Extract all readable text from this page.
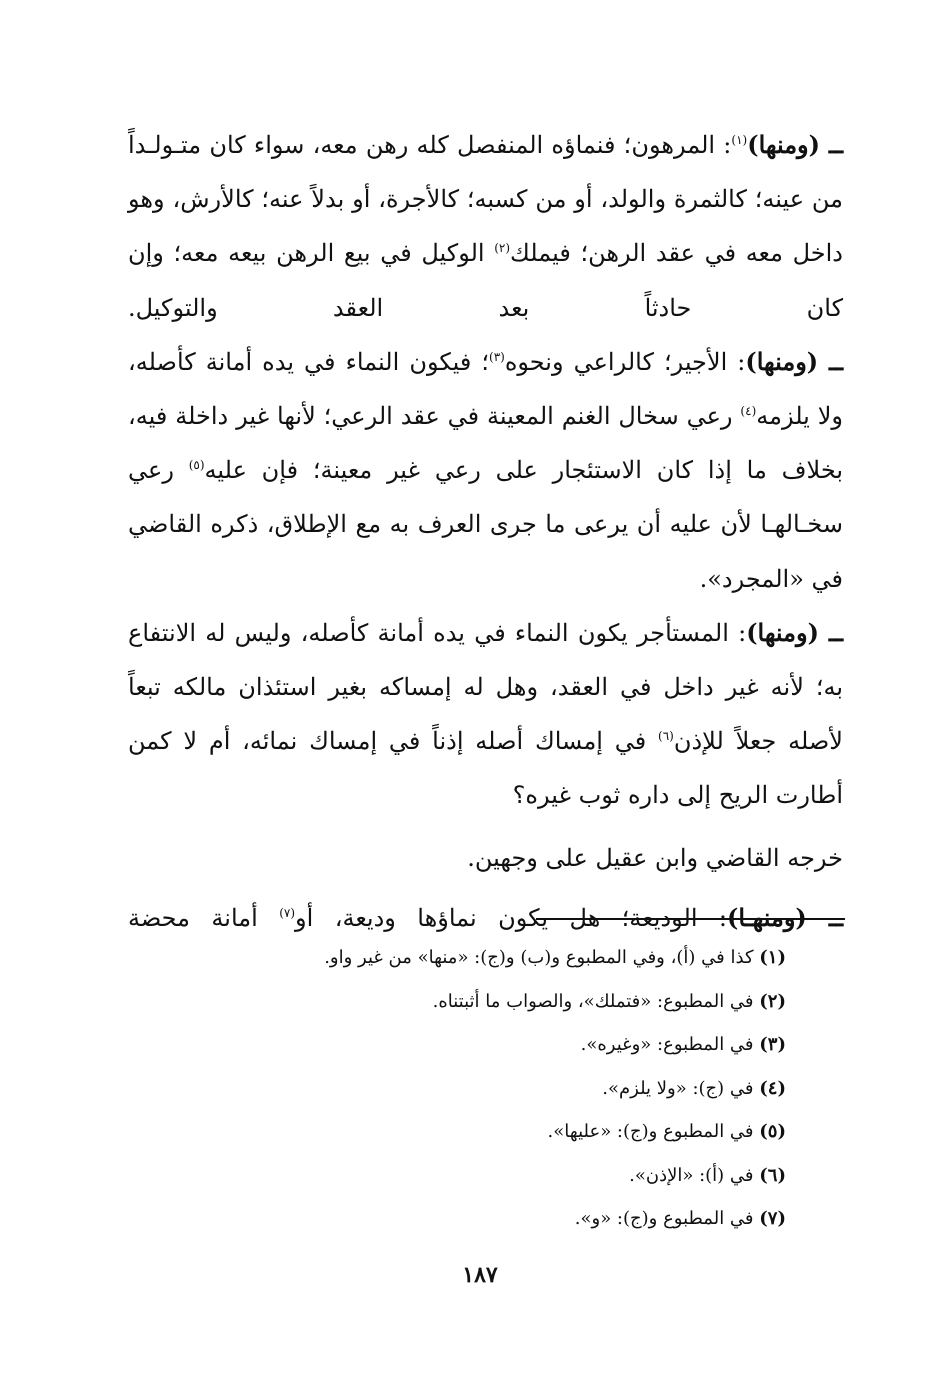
ــ (ومنها)$^{(١)}$: المرهون؛ فنماؤه المنفصل كله رهن معه، سواء كان متـولـداً من عينه؛ كالثمرة والولد، أو من كسبه؛ كالأجرة، أو بدلاً عنه؛ كالأرش، وهو داخل معه في عقد الرهن؛ فيملك$^{(٢)}$ الوكيل في بيع الرهن بيعه معه؛ وإن كان حادثاً بعد العقد والتوكيل.

ــ (ومنها): الأجير؛ كالراعي ونحوه$^{(٣)}$؛ فيكون النماء في يده أمانة كأصله، ولا يلزمه$^{(٤)}$ رعي سخال الغنم المعينة في عقد الرعي؛ لأنها غير داخلة فيه، بخلاف ما إذا كان الاستئجار على رعي غير معينة؛ فإن عليه$^{(٥)}$ رعي سخـالهـا لأن عليه أن يرعى ما جرى العرف به مع الإطلاق، ذكره القاضي في «المجرد».

ــ (ومنها): المستأجر يكون النماء في يده أمانة كأصله، وليس له الانتفاع به؛ لأنه غير داخل في العقد، وهل له إمساكه بغير استئذان مالكه تبعاً لأصله جعلاً للإذن$^{(٦)}$ في إمساك أصله إذناً في إمساك نمائه، أم لا كمن أطارت الريح إلى داره ثوب غيره؟

خرجه القاضي وابن عقيل على وجهين.

ــ (ومنهـا): الوديعة؛ هل يكون نماؤها وديعة، أو$^{(٧)}$ أمانة محضة

(١) كذا في (أ)، وفي المطبوع و(ب) و(ج): «منها» من غير واو.

(٢) في المطبوع: «فتملك»، والصواب ما أثبتناه.

(٣) في المطبوع: «وغيره».

(٤) في (ج): «ولا يلزم».

(٥) في المطبوع و(ج): «عليها».

(٦) في (أ): «الإذن».

(٧) في المطبوع و(ج): «و».

١٨٧
